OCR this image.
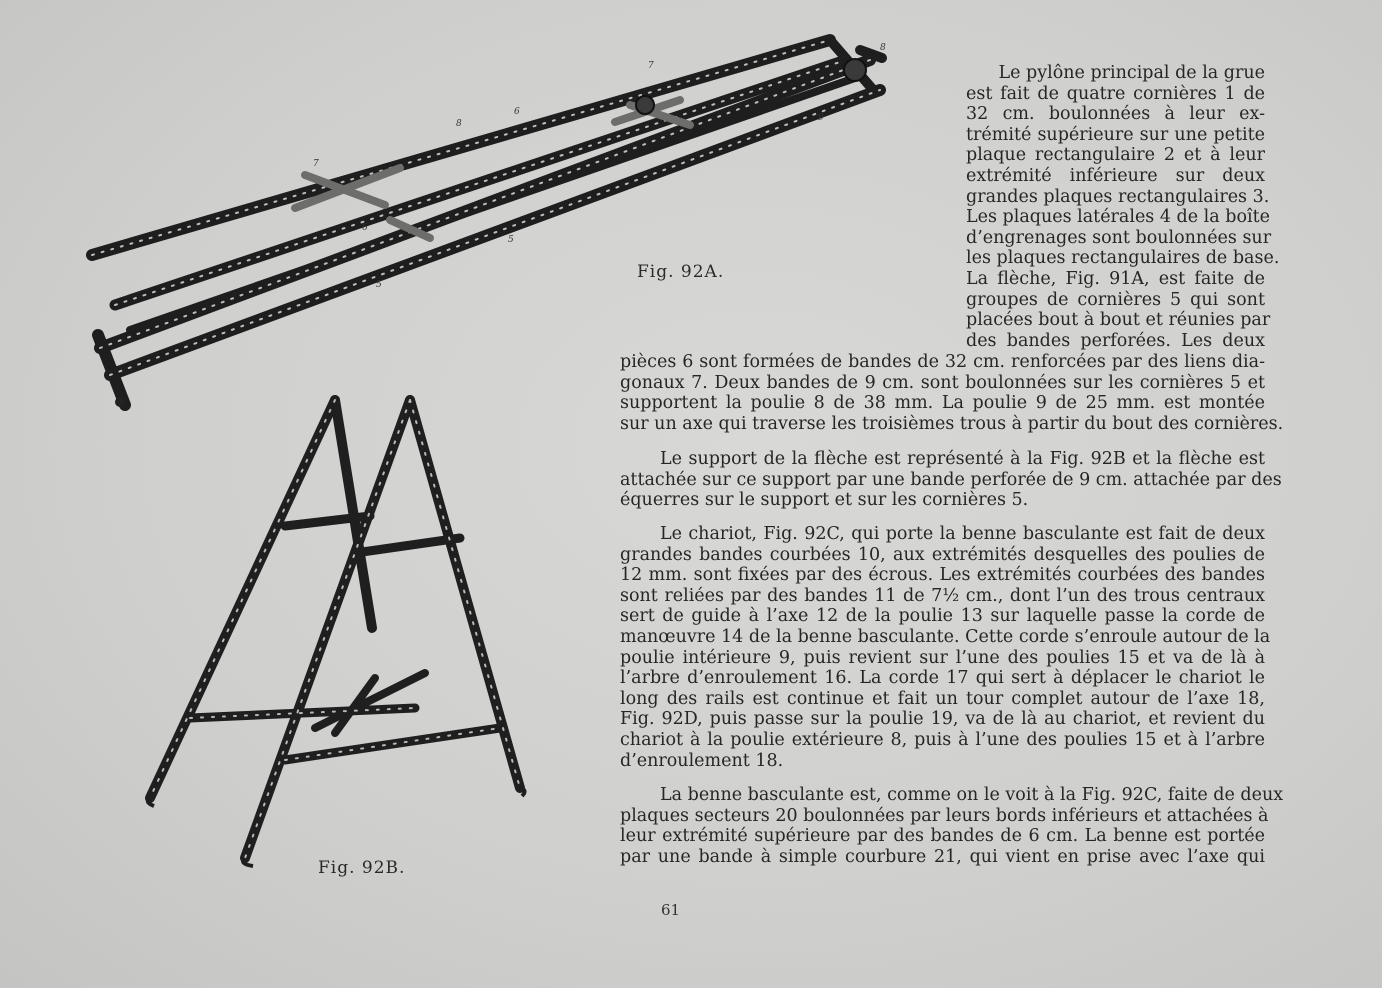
7
8
6
7
9
8
6
5
5
Fig. 92A.
Fig. 92B.
Le pylône principal de la grue
est fait de quatre cornières 1 de
32 cm. boulonnées à leur ex-
trémité supérieure sur une petite
plaque rectangulaire 2 et à leur
extrémité inférieure sur deux
grandes plaques rectangulaires 3.
Les plaques latérales 4 de la boîte
d’engrenages sont boulonnées sur
les plaques rectangulaires de base.
La flèche, Fig. 91A, est faite de
groupes de cornières 5 qui sont
placées bout à bout et réunies par
des bandes perforées. Les deux
pièces 6 sont formées de bandes de 32 cm. renforcées par des liens dia-
gonaux 7. Deux bandes de 9 cm. sont boulonnées sur les cornières 5 et
supportent la poulie 8 de 38 mm. La poulie 9 de 25 mm. est montée
sur un axe qui traverse les troisièmes trous à partir du bout des cornières.
Le support de la flèche est représenté à la Fig. 92B et la flèche est
attachée sur ce support par une bande perforée de 9 cm. attachée par des
équerres sur le support et sur les cornières 5.
Le chariot, Fig. 92C, qui porte la benne basculante est fait de deux
grandes bandes courbées 10, aux extrémités desquelles des poulies de
12 mm. sont fixées par des écrous. Les extrémités courbées des bandes
sont reliées par des bandes 11 de 7½ cm., dont l’un des trous centraux
sert de guide à l’axe 12 de la poulie 13 sur laquelle passe la corde de
manœuvre 14 de la benne basculante. Cette corde s’enroule autour de la
poulie intérieure 9, puis revient sur l’une des poulies 15 et va de là à
l’arbre d’enroulement 16. La corde 17 qui sert à déplacer le chariot le
long des rails est continue et fait un tour complet autour de l’axe 18,
Fig. 92D, puis passe sur la poulie 19, va de là au chariot, et revient du
chariot à la poulie extérieure 8, puis à l’une des poulies 15 et à l’arbre
d’enroulement 18.
La benne basculante est, comme on le voit à la Fig. 92C, faite de deux
plaques secteurs 20 boulonnées par leurs bords inférieurs et attachées à
leur extrémité supérieure par des bandes de 6 cm. La benne est portée
par une bande à simple courbure 21, qui vient en prise avec l’axe qui
61
